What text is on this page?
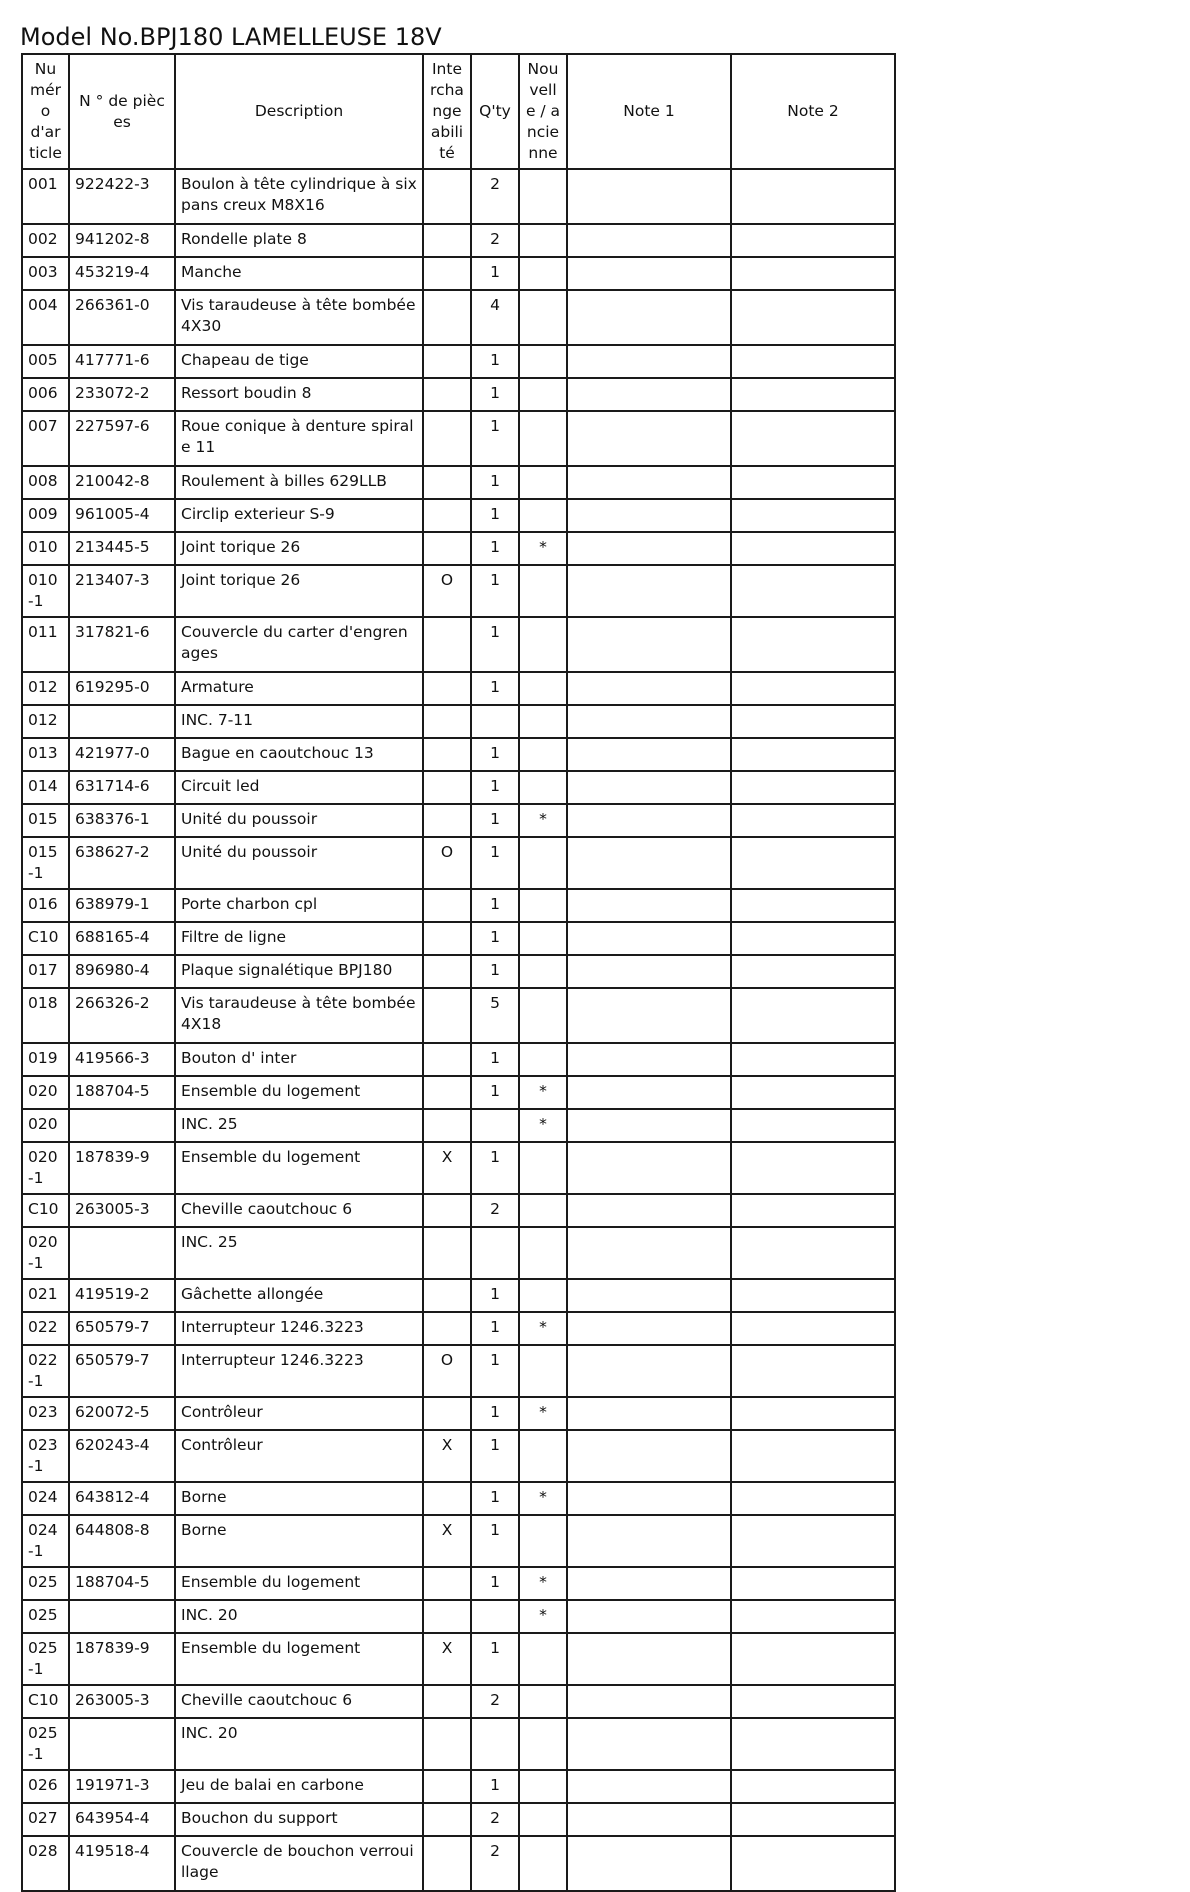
Model No.BPJ180 LAMELLEUSE 18V
Numéro d'article	N ° de pièces	Description	Interchangeabilité	Q'ty	Nouvelle / ancienne	Note 1	Note 2
001	922422-3	Boulon à tête cylindrique à six pans creux M8X16		2			
002	941202-8	Rondelle plate 8		2			
003	453219-4	Manche		1			
004	266361-0	Vis taraudeuse à tête bombée 4X30		4			
005	417771-6	Chapeau de tige		1			
006	233072-2	Ressort boudin 8		1			
007	227597-6	Roue conique à denture spirale 11		1			
008	210042-8	Roulement à billes 629LLB		1			
009	961005-4	Circlip exterieur S-9		1			
010	213445-5	Joint torique 26		1	*		
010-1	213407-3	Joint torique 26	O	1			
011	317821-6	Couvercle du carter d'engrenages		1			
012	619295-0	Armature		1			
012		INC. 7-11					
013	421977-0	Bague en caoutchouc 13		1			
014	631714-6	Circuit led		1			
015	638376-1	Unité du poussoir		1	*		
015-1	638627-2	Unité du poussoir	O	1			
016	638979-1	Porte charbon cpl		1			
C10	688165-4	Filtre de ligne		1			
017	896980-4	Plaque signalétique BPJ180		1			
018	266326-2	Vis taraudeuse à tête bombée 4X18		5			
019	419566-3	Bouton d' inter		1			
020	188704-5	Ensemble du logement		1	*		
020		INC. 25			*		
020-1	187839-9	Ensemble du logement	X	1			
C10	263005-3	Cheville caoutchouc 6		2			
020-1		INC. 25					
021	419519-2	Gâchette allongée		1			
022	650579-7	Interrupteur 1246.3223		1	*		
022-1	650579-7	Interrupteur 1246.3223	O	1			
023	620072-5	Contrôleur		1	*		
023-1	620243-4	Contrôleur	X	1			
024	643812-4	Borne		1	*		
024-1	644808-8	Borne	X	1			
025	188704-5	Ensemble du logement		1	*		
025		INC. 20			*		
025-1	187839-9	Ensemble du logement	X	1			
C10	263005-3	Cheville caoutchouc 6		2			
025-1		INC. 20					
026	191971-3	Jeu de balai en carbone		1			
027	643954-4	Bouchon du support		2			
028	419518-4	Couvercle de bouchon verrouillage		2			
